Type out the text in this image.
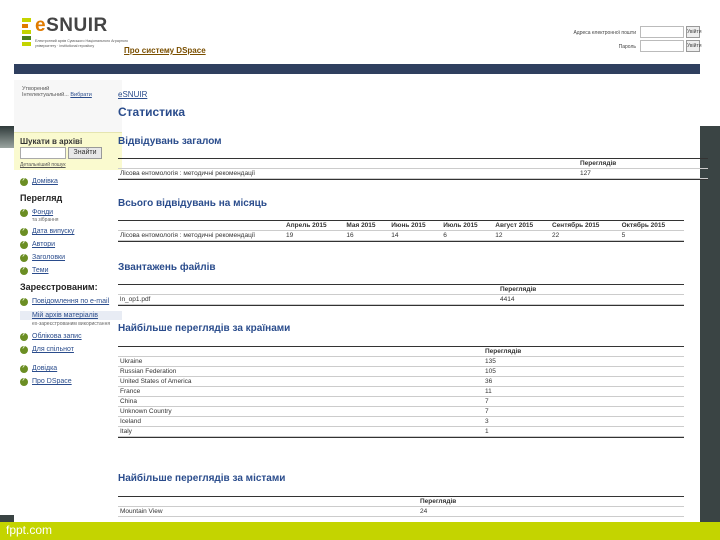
fppt.com
eSNUIR
Електронний архів Сумського Національного Аграрного університету · institutional repository	Про систему DSpace
Адреса електронної пошти	Увійти
Пароль	Увійти
Утворений
Інтелектуальний... Вибрати
Шукати в архіві
Знайти
Детальніший пошук
›
Домівка
Перегляд
›
Фонди
та зібрання
›
Дата випуску
›
Автори
›
Заголовки
›
Теми
Зареєстрованим:
›
Повідомлення по e-mail
Мій архів матеріалів
ex-зареєстрованим використання
›
Облікова запис
›
Для спільнот
›
Довідка
›
Про DSpace
eSNUIR
Статистика
Відвідувань загалом
	Переглядів
Лісова ентомологія : методичні рекомендації	127
Всього відвідувань на місяць
	Апрель 2015	Мая 2015	Июнь 2015	Июль 2015	Август 2015	Сентябрь 2015	Октябрь 2015
Лісова ентомологія : методичні рекомендації	19	16	14	6	12	22	5
Звантажень файлів
	Переглядів
ln_op1.pdf	4414
Найбільше переглядів за країнами
	Переглядів
Ukraine	135
Russian Federation	105
United States of America	36
France	11
China	7
Unknown Country	7
Iceland	3
Italy	1
Найбільше переглядів за містами
	Переглядів
Mountain View	24
